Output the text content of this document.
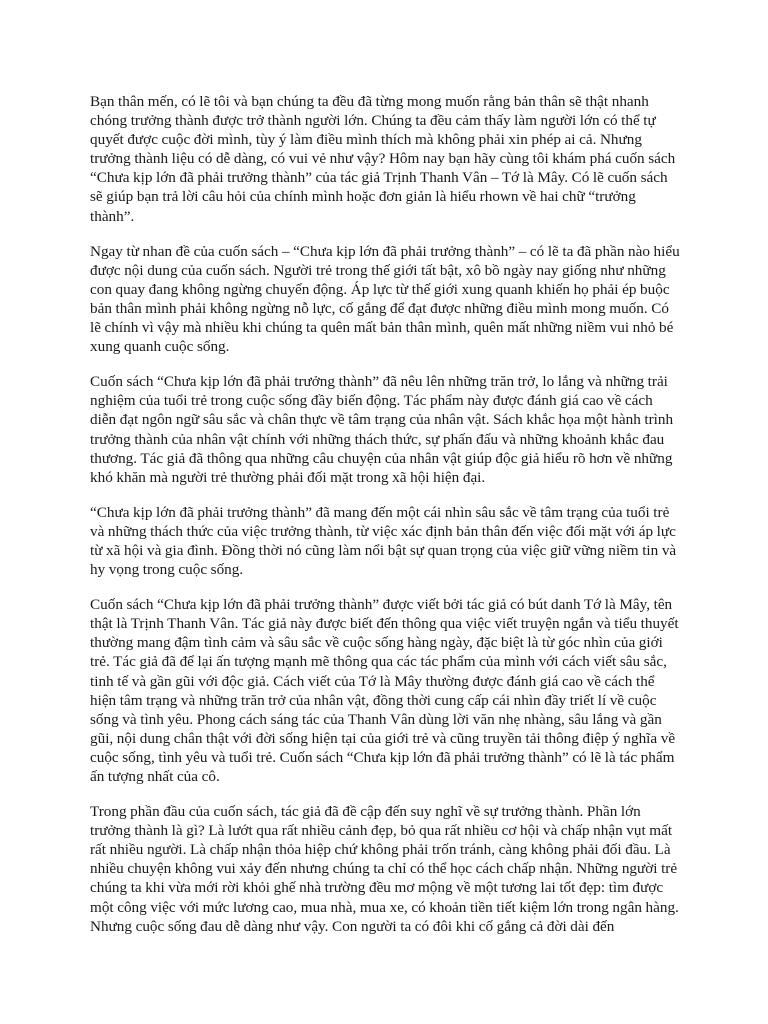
Bạn thân mến, có lẽ tôi và bạn chúng ta đều đã từng mong muốn rằng bản thân sẽ thật nhanh chóng trưởng thành được trở thành người lớn. Chúng ta đều cảm thấy làm người lớn có thể tự quyết được cuộc đời mình, tùy ý làm điều mình thích mà không phải xin phép ai cả. Nhưng trưởng thành liệu có dễ dàng, có vui vẻ như vậy? Hôm nay bạn hãy cùng tôi khám phá cuốn sách “Chưa kịp lớn đã phải trưởng thành” của tác giả Trịnh Thanh Vân – Tớ là Mây. Có lẽ cuốn sách sẽ giúp bạn trả lời câu hỏi của chính mình hoặc đơn giản là hiểu rhown về hai chữ “trưởng thành”.

Ngay từ nhan đề của cuốn sách – “Chưa kịp lớn đã phải trưởng thành” – có lẽ ta đã phần nào hiểu được nội dung của cuốn sách. Người trẻ trong thế giới tất bật, xô bồ ngày nay giống như những con quay đang không ngừng chuyển động. Áp lực từ thế giới xung quanh khiến họ phải ép buộc bản thân mình phải không ngừng nỗ lực, cố gắng để đạt được những điều mình mong muốn. Có lẽ chính vì vậy mà nhiều khi chúng ta quên mất bản thân mình, quên mất những niềm vui nhỏ bé xung quanh cuộc sống.

Cuốn sách “Chưa kịp lớn đã phải trưởng thành” đã nêu lên những trăn trở, lo lắng và những trải nghiệm của tuổi trẻ trong cuộc sống đầy biến động. Tác phẩm này được đánh giá cao về cách diễn đạt ngôn ngữ sâu sắc và chân thực về tâm trạng của nhân vật. Sách khắc họa một hành trình trưởng thành của nhân vật chính với những thách thức, sự phấn đấu và những khoảnh khắc đau thương. Tác giả đã thông qua những câu chuyện của nhân vật giúp độc giả hiểu rõ hơn về những khó khăn mà người trẻ thường phải đối mặt trong xã hội hiện đại.

“Chưa kịp lớn đã phải trưởng thành” đã mang đến một cái nhìn sâu sắc về tâm trạng của tuổi trẻ và những thách thức của việc trưởng thành, từ việc xác định bản thân đến việc đối mặt với áp lực từ xã hội và gia đình. Đồng thời nó cũng làm nổi bật sự quan trọng của việc giữ vững niềm tin và hy vọng trong cuộc sống.

Cuốn sách “Chưa kịp lớn đã phải trưởng thành” được viết bởi tác giả có bút danh Tớ là Mây, tên thật là Trịnh Thanh Vân. Tác giả này được biết đến thông qua việc viết truyện ngắn và tiểu thuyết thường mang đậm tình cảm và sâu sắc về cuộc sống hàng ngày, đặc biệt là từ góc nhìn của giới trẻ. Tác giả đã để lại ấn tượng mạnh mẽ thông qua các tác phẩm của mình với cách viết sâu sắc, tinh tế và gần gũi với độc giả. Cách viết của Tớ là Mây thường được đánh giá cao về cách thể hiện tâm trạng và những trăn trở của nhân vật, đồng thời cung cấp cái nhìn đầy triết lí về cuộc sống và tình yêu. Phong cách sáng tác của Thanh Vân dùng lời văn nhẹ nhàng, sâu lắng và gần gũi, nội dung chân thật với đời sống hiện tại của giới trẻ và cũng truyền tải thông điệp ý nghĩa về cuộc sống, tình yêu và tuổi trẻ. Cuốn sách “Chưa kịp lớn đã phải trưởng thành” có lẽ là tác phẩm ấn tượng nhất của cô.

Trong phần đầu của cuốn sách, tác giả đã đề cập đến suy nghĩ về sự trưởng thành. Phần lớn trưởng thành là gì? Là lướt qua rất nhiều cảnh đẹp, bỏ qua rất nhiều cơ hội và chấp nhận vụt mất rất nhiều người. Là chấp nhận thỏa hiệp chứ không phải trốn tránh, càng không phải đối đầu. Là nhiều chuyện không vui xảy đến nhưng chúng ta chỉ có thể học cách chấp nhận. Những người trẻ chúng ta khi vừa mới rời khỏi ghế nhà trường đều mơ mộng về một tương lai tốt đẹp: tìm được một công việc với mức lương cao, mua nhà, mua xe, có khoản tiền tiết kiệm lớn trong ngân hàng. Nhưng cuộc sống đau dễ dàng như vậy. Con người ta có đôi khi cố gắng cả đời dài đến
